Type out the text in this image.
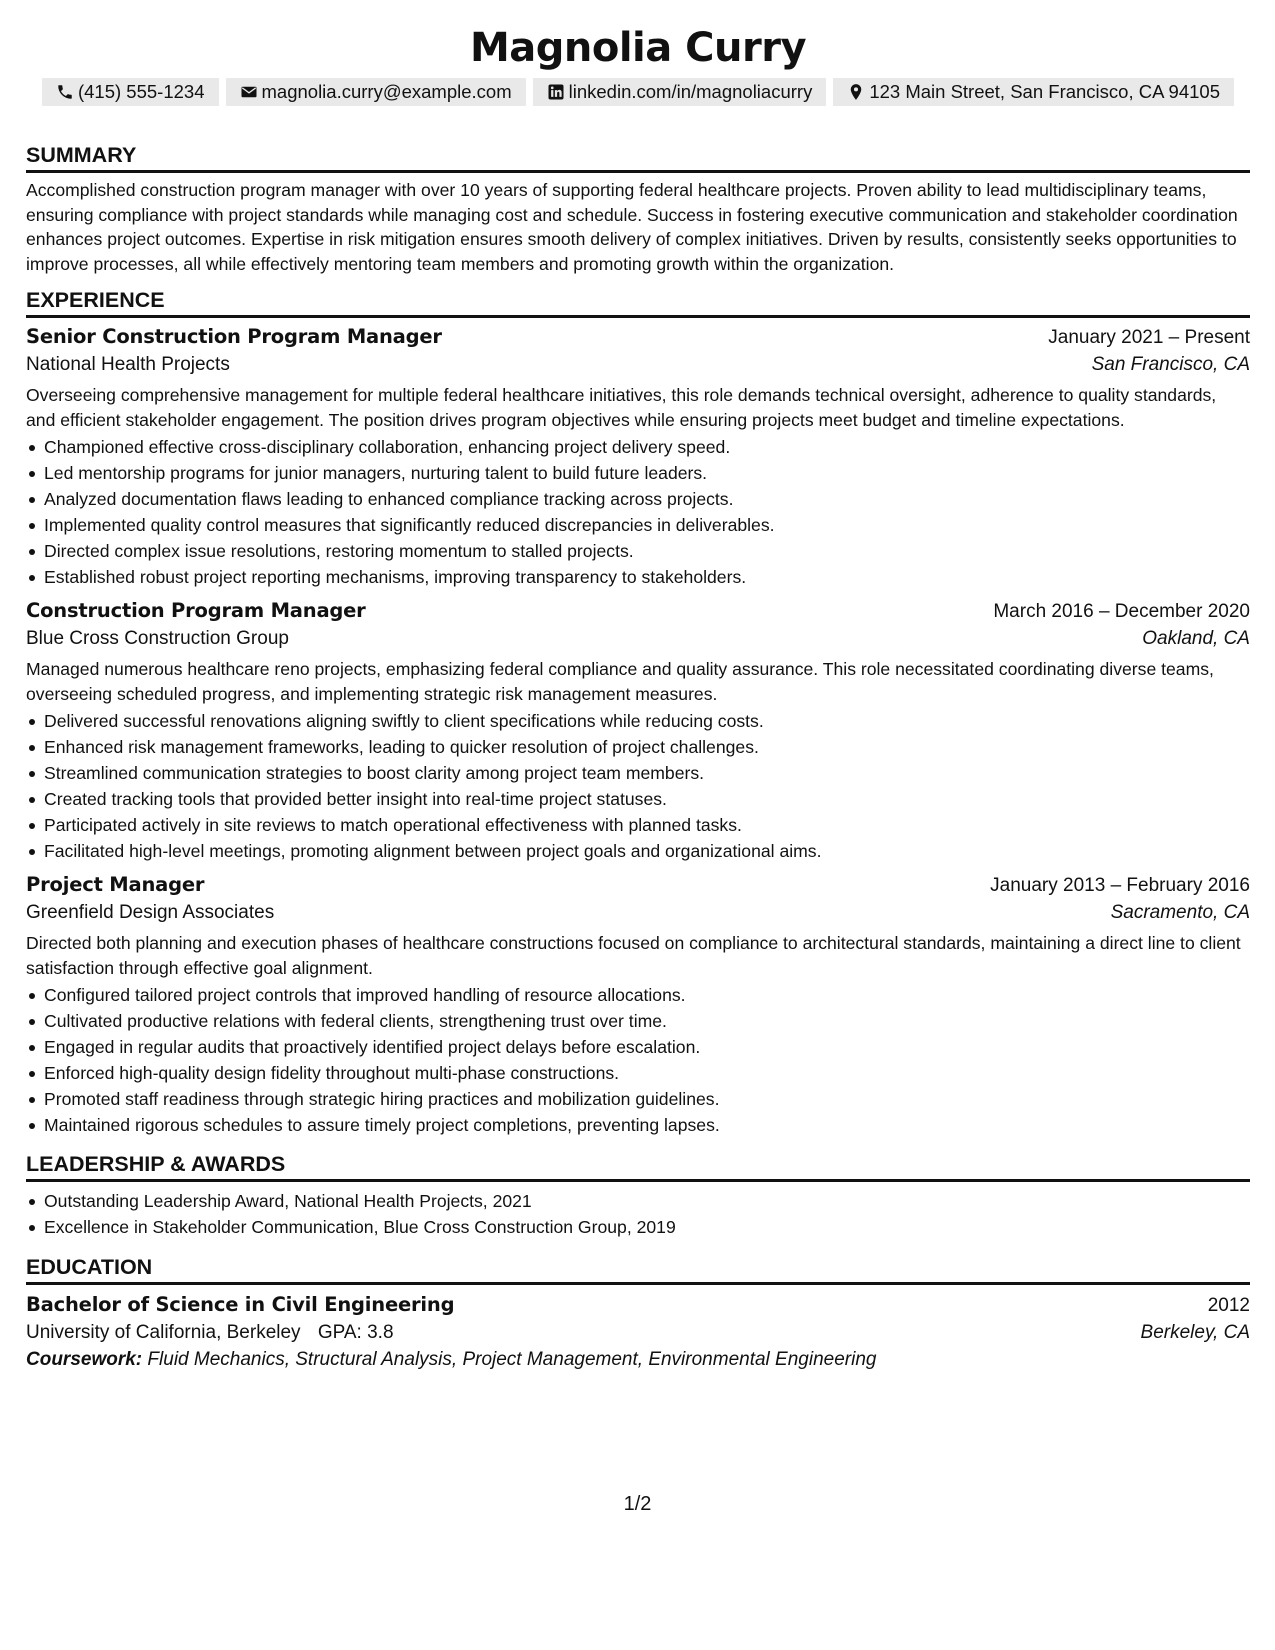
Magnolia Curry
(415) 555-1234	magnolia.curry@example.com	linkedin.com/in/magnoliacurry	123 Main Street, San Francisco, CA 94105
SUMMARY

Accomplished construction program manager with over 10 years of supporting federal healthcare projects. Proven ability to lead multidisciplinary teams, ensuring compliance with project standards while managing cost and schedule. Success in fostering executive communication and stakeholder coordination enhances project outcomes. Expertise in risk mitigation ensures smooth delivery of complex initiatives. Driven by results, consistently seeks opportunities to improve processes, all while effectively mentoring team members and promoting growth within the organization.

EXPERIENCE
Senior Construction Program Manager	January 2021 – Present
National Health Projects	San Francisco, CA

Overseeing comprehensive management for multiple federal healthcare initiatives, this role demands technical oversight, adherence to quality standards, and efficient stakeholder engagement. The position drives program objectives while ensuring projects meet budget and timeline expectations.

Championed effective cross-disciplinary collaboration, enhancing project delivery speed.
Led mentorship programs for junior managers, nurturing talent to build future leaders.
Analyzed documentation flaws leading to enhanced compliance tracking across projects.
Implemented quality control measures that significantly reduced discrepancies in deliverables.
Directed complex issue resolutions, restoring momentum to stalled projects.
Established robust project reporting mechanisms, improving transparency to stakeholders.
Construction Program Manager	March 2016 – December 2020
Blue Cross Construction Group	Oakland, CA

Managed numerous healthcare reno projects, emphasizing federal compliance and quality assurance. This role necessitated coordinating diverse teams, overseeing scheduled progress, and implementing strategic risk management measures.

Delivered successful renovations aligning swiftly to client specifications while reducing costs.
Enhanced risk management frameworks, leading to quicker resolution of project challenges.
Streamlined communication strategies to boost clarity among project team members.
Created tracking tools that provided better insight into real-time project statuses.
Participated actively in site reviews to match operational effectiveness with planned tasks.
Facilitated high-level meetings, promoting alignment between project goals and organizational aims.
Project Manager	January 2013 – February 2016
Greenfield Design Associates	Sacramento, CA

Directed both planning and execution phases of healthcare constructions focused on compliance to architectural standards, maintaining a direct line to client satisfaction through effective goal alignment.

Configured tailored project controls that improved handling of resource allocations.
Cultivated productive relations with federal clients, strengthening trust over time.
Engaged in regular audits that proactively identified project delays before escalation.
Enforced high-quality design fidelity throughout multi-phase constructions.
Promoted staff readiness through strategic hiring practices and mobilization guidelines.
Maintained rigorous schedules to assure timely project completions, preventing lapses.
LEADERSHIP & AWARDS
Outstanding Leadership Award, National Health Projects, 2021
Excellence in Stakeholder Communication, Blue Cross Construction Group, 2019
EDUCATION
Bachelor of Science in Civil Engineering	2012
University of California, Berkeley GPA: 3.8	Berkeley, CA
Coursework: Fluid Mechanics, Structural Analysis, Project Management, Environmental Engineering
1/2
